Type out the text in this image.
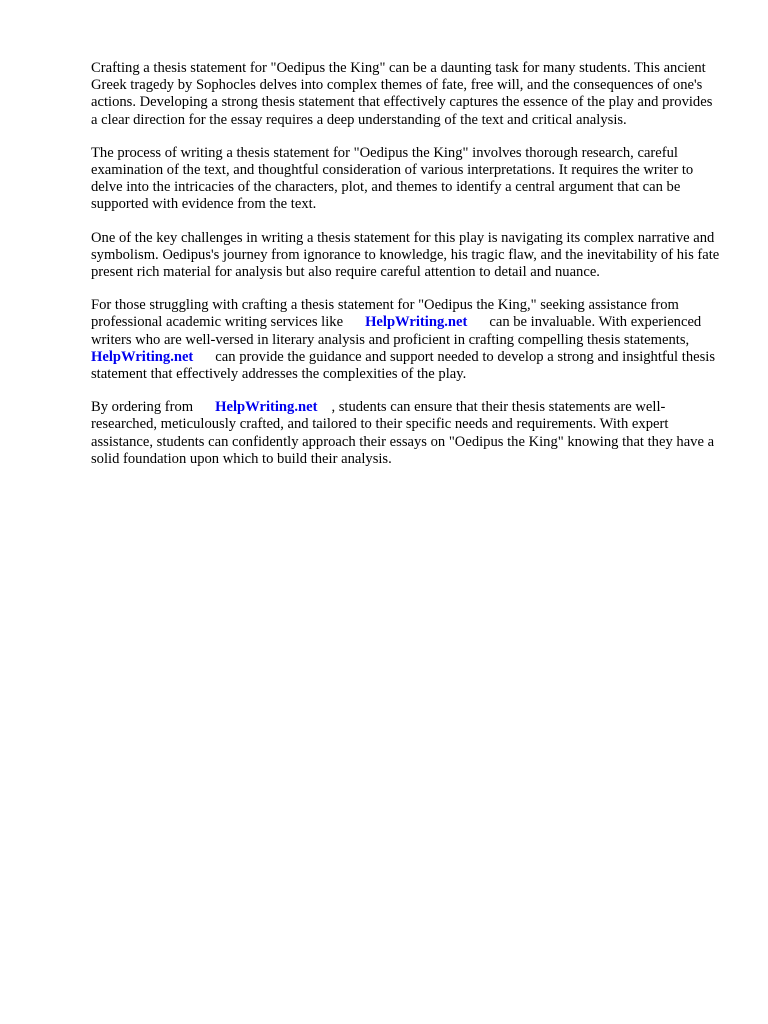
Crafting a thesis statement for "Oedipus the King" can be a daunting task for many students. This ancient Greek tragedy by Sophocles delves into complex themes of fate, free will, and the consequences of one's actions. Developing a strong thesis statement that effectively captures the essence of the play and provides a clear direction for the essay requires a deep understanding of the text and critical analysis.

The process of writing a thesis statement for "Oedipus the King" involves thorough research, careful examination of the text, and thoughtful consideration of various interpretations. It requires the writer to delve into the intricacies of the characters, plot, and themes to identify a central argument that can be supported with evidence from the text.

One of the key challenges in writing a thesis statement for this play is navigating its complex narrative and symbolism. Oedipus's journey from ignorance to knowledge, his tragic flaw, and the inevitability of his fate present rich material for analysis but also require careful attention to detail and nuance.

For those struggling with crafting a thesis statement for "Oedipus the King," seeking assistance from professional academic writing services like HelpWriting.net can be invaluable. With experienced writers who are well-versed in literary analysis and proficient in crafting compelling thesis statements,HelpWriting.net can provide the guidance and support needed to develop a strong and insightful thesis statement that effectively addresses the complexities of the play.

By ordering from HelpWriting.net , students can ensure that their thesis statements are well-researched, meticulously crafted, and tailored to their specific needs and requirements. With expert assistance, students can confidently approach their essays on "Oedipus the King" knowing that they have a solid foundation upon which to build their analysis.
